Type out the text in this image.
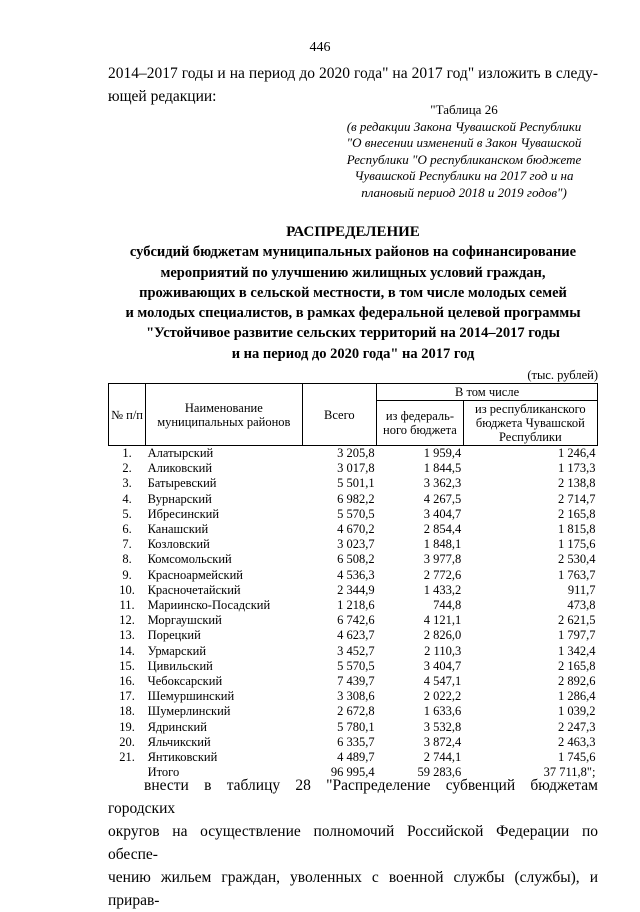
446
2014–2017 годы и на период до 2020 года" на 2017 год" изложить в следу-
ющей редакции:
"Таблица 26
(в редакции Закона Чувашской Республики
"О внесении изменений в Закон Чувашской
Республики "О республиканском бюджете
Чувашской Республики на 2017 год и на
плановый период 2018 и 2019 годов")
РАСПРЕДЕЛЕНИЕ
субсидий бюджетам муниципальных районов на софинансирование
мероприятий по улучшению жилищных условий граждан,
проживающих в сельской местности, в том числе молодых семей
и молодых специалистов, в рамках федеральной целевой программы
"Устойчивое развитие сельских территорий на 2014–2017 годы
и на период до 2020 года" на 2017 год
(тыс. рублей)
№ п/п	Наименование муниципальных районов	Всего	В том числе	
			из федераль- ного бюджета	из республиканского бюджета Чувашской Республики
1.	Алатырский	3 205,8	1 959,4	1 246,4
2.	Аликовский	3 017,8	1 844,5	1 173,3
3.	Батыревский	5 501,1	3 362,3	2 138,8
4.	Вурнарский	6 982,2	4 267,5	2 714,7
5.	Ибресинский	5 570,5	3 404,7	2 165,8
6.	Канашский	4 670,2	2 854,4	1 815,8
7.	Козловский	3 023,7	1 848,1	1 175,6
8.	Комсомольский	6 508,2	3 977,8	2 530,4
9.	Красноармейский	4 536,3	2 772,6	1 763,7
10.	Красночетайский	2 344,9	1 433,2	911,7
11.	Мариинско-Посадский	1 218,6	744,8	473,8
12.	Моргаушский	6 742,6	4 121,1	2 621,5
13.	Порецкий	4 623,7	2 826,0	1 797,7
14.	Урмарский	3 452,7	2 110,3	1 342,4
15.	Цивильский	5 570,5	3 404,7	2 165,8
16.	Чебоксарский	7 439,7	4 547,1	2 892,6
17.	Шемуршинский	3 308,6	2 022,2	1 286,4
18.	Шумерлинский	2 672,8	1 633,6	1 039,2
19.	Ядринский	5 780,1	3 532,8	2 247,3
20.	Яльчикский	6 335,7	3 872,4	2 463,3
21.	Янтиковский	4 489,7	2 744,1	1 745,6
	Итого	96 995,4	59 283,6	37 711,8";
внести в таблицу 28 "Распределение субвенций бюджетам городских
округов на осуществление полномочий Российской Федерации по обеспе-
чению жильем граждан, уволенных с военной службы (службы), и прирав-
